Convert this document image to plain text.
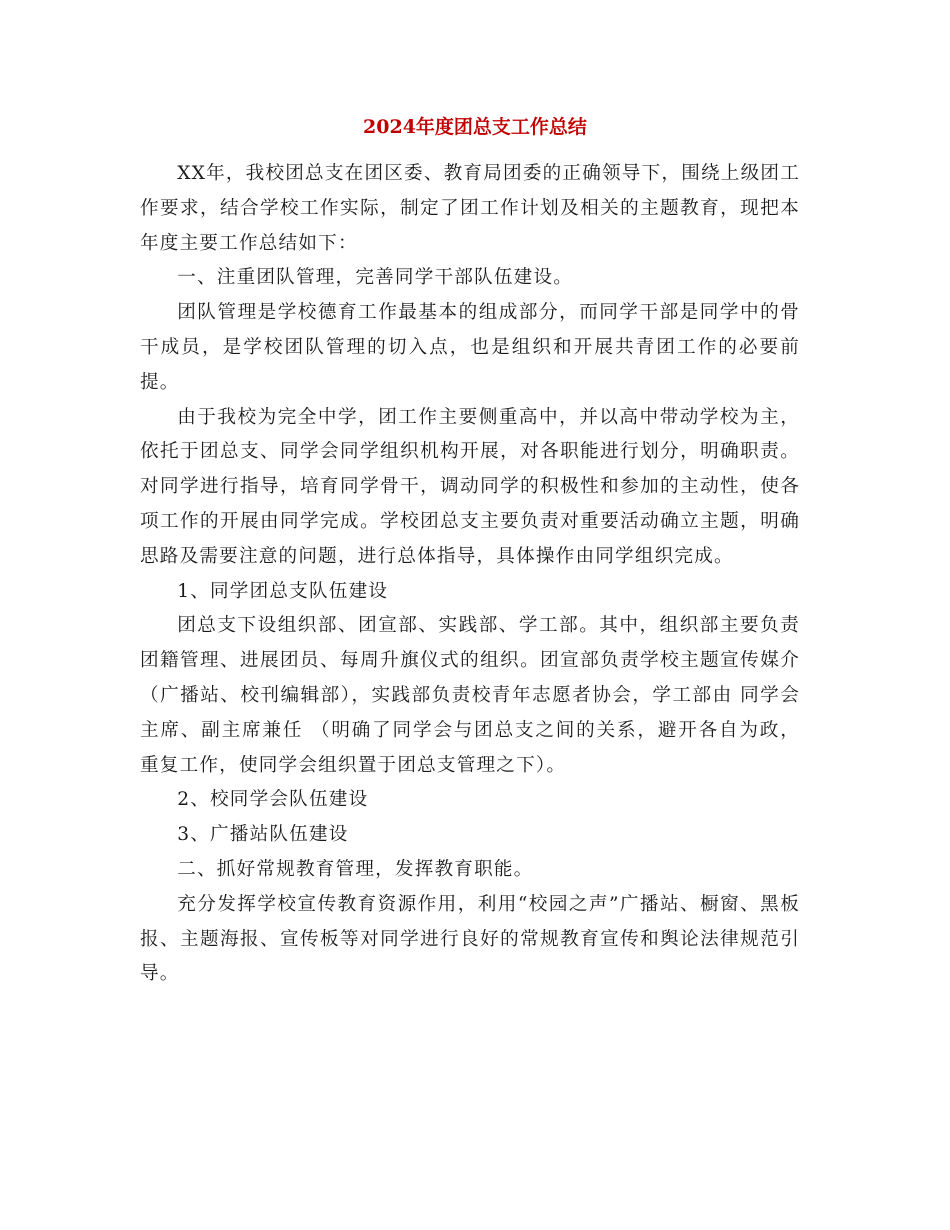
2024年度团总支工作总结

XX年，我校团总支在团区委、教育局团委的正确领导下，围绕上级团工作要求，结合学校工作实际，制定了团工作计划及相关的主题教育，现把本年度主要工作总结如下：

一、注重团队管理，完善同学干部队伍建设。

团队管理是学校德育工作最基本的组成部分，而同学干部是同学中的骨干成员，是学校团队管理的切入点，也是组织和开展共青团工作的必要前提。

由于我校为完全中学，团工作主要侧重高中，并以高中带动学校为主，依托于团总支、同学会同学组织机构开展，对各职能进行划分，明确职责。对同学进行指导，培育同学骨干，调动同学的积极性和参加的主动性，使各项工作的开展由同学完成。学校团总支主要负责对重要活动确立主题，明确思路及需要注意的问题，进行总体指导，具体操作由同学组织完成。

1、同学团总支队伍建设

团总支下设组织部、团宣部、实践部、学工部。其中，组织部主要负责团籍管理、进展团员、每周升旗仪式的组织。团宣部负责学校主题宣传媒介（广播站、校刊编辑部），实践部负责校青年志愿者协会，学工部由 同学会主席、副主席兼任 （明确了同学会与团总支之间的关系，避开各自为政，重复工作，使同学会组织置于团总支管理之下）。

2、校同学会队伍建设

3、广播站队伍建设

二、抓好常规教育管理，发挥教育职能。

充分发挥学校宣传教育资源作用，利用“校园之声”广播站、橱窗、黑板报、主题海报、宣传板等对同学进行良好的常规教育宣传和舆论法律规范引导。
